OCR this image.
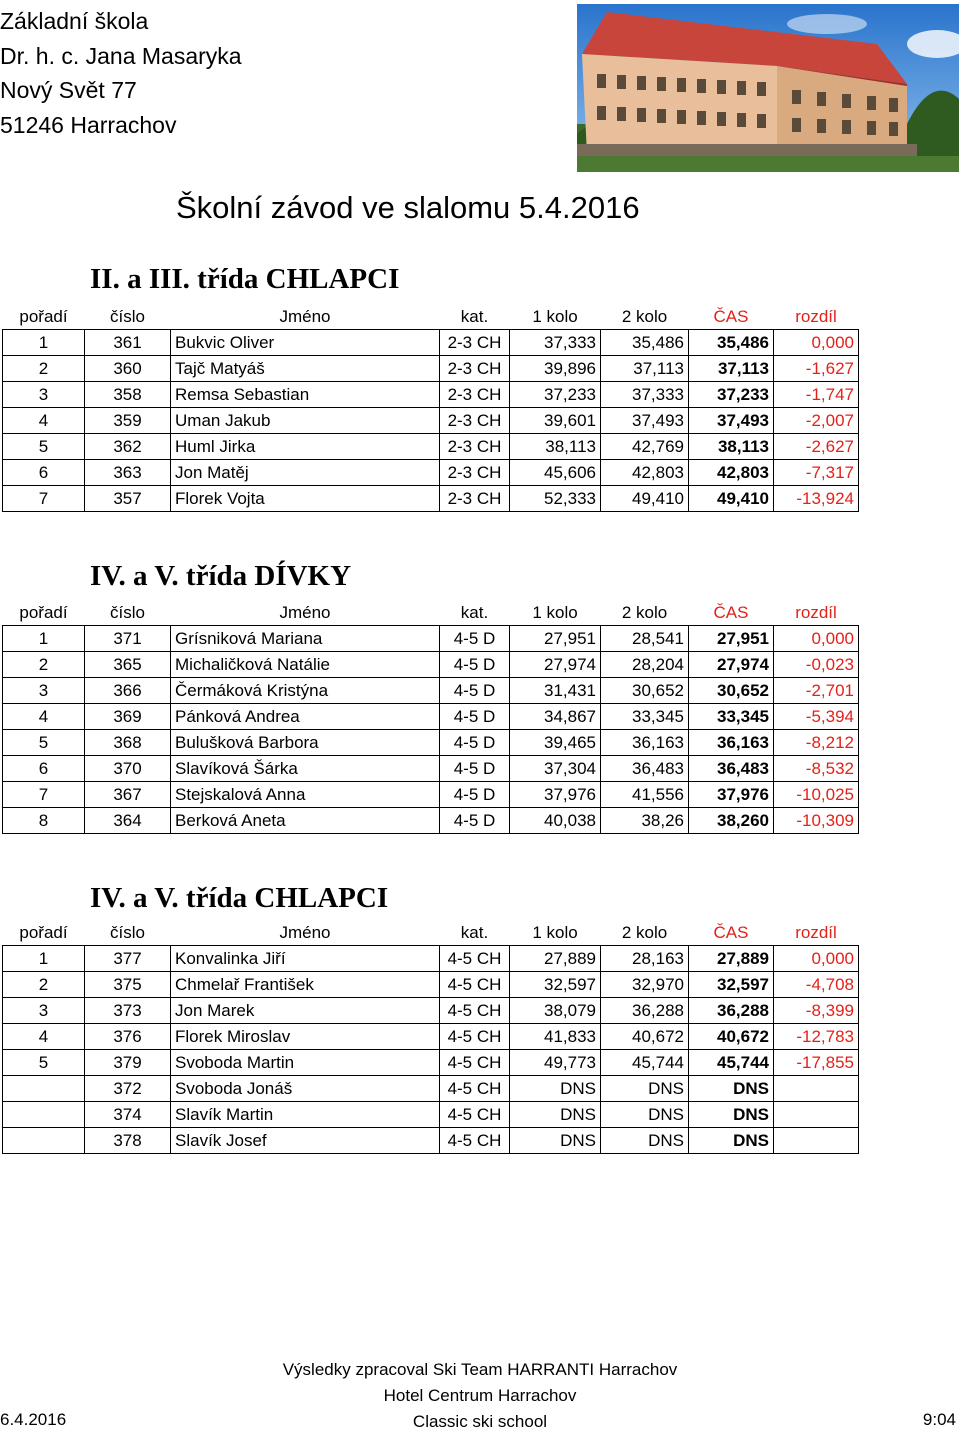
Základní škola
Dr. h. c. Jana Masaryka
Nový Svět 77
51246 Harrachov
Školní závod ve slalomu 5.4.2016
II. a III. třída CHLAPCI
pořadí	číslo	Jméno	kat.	1 kolo	2 kolo	ČAS	rozdíl
1	361	Bukvic Oliver	2-3 CH	37,333	35,486	35,486	0,000
2	360	Tajč Matyáš	2-3 CH	39,896	37,113	37,113	-1,627
3	358	Remsa Sebastian	2-3 CH	37,233	37,333	37,233	-1,747
4	359	Uman Jakub	2-3 CH	39,601	37,493	37,493	-2,007
5	362	Huml Jirka	2-3 CH	38,113	42,769	38,113	-2,627
6	363	Jon Matěj	2-3 CH	45,606	42,803	42,803	-7,317
7	357	Florek Vojta	2-3 CH	52,333	49,410	49,410	-13,924
IV. a V. třída DÍVKY
pořadí	číslo	Jméno	kat.	1 kolo	2 kolo	ČAS	rozdíl
1	371	Grísniková Mariana	4-5 D	27,951	28,541	27,951	0,000
2	365	Michaličková Natálie	4-5 D	27,974	28,204	27,974	-0,023
3	366	Čermáková Kristýna	4-5 D	31,431	30,652	30,652	-2,701
4	369	Pánková Andrea	4-5 D	34,867	33,345	33,345	-5,394
5	368	Bulušková Barbora	4-5 D	39,465	36,163	36,163	-8,212
6	370	Slavíková Šárka	4-5 D	37,304	36,483	36,483	-8,532
7	367	Stejskalová Anna	4-5 D	37,976	41,556	37,976	-10,025
8	364	Berková Aneta	4-5 D	40,038	38,26	38,260	-10,309
IV. a V. třída CHLAPCI
pořadí	číslo	Jméno	kat.	1 kolo	2 kolo	ČAS	rozdíl
1	377	Konvalinka Jiří	4-5 CH	27,889	28,163	27,889	0,000
2	375	Chmelař František	4-5 CH	32,597	32,970	32,597	-4,708
3	373	Jon Marek	4-5 CH	38,079	36,288	36,288	-8,399
4	376	Florek Miroslav	4-5 CH	41,833	40,672	40,672	-12,783
5	379	Svoboda Martin	4-5 CH	49,773	45,744	45,744	-17,855
	372	Svoboda Jonáš	4-5 CH	DNS	DNS	DNS	
	374	Slavík Martin	4-5 CH	DNS	DNS	DNS	
	378	Slavík Josef	4-5 CH	DNS	DNS	DNS	
Výsledky zpracoval Ski Team HARRANTI Harrachov
Hotel Centrum Harrachov
Classic ski school
6.4.2016	9:04
